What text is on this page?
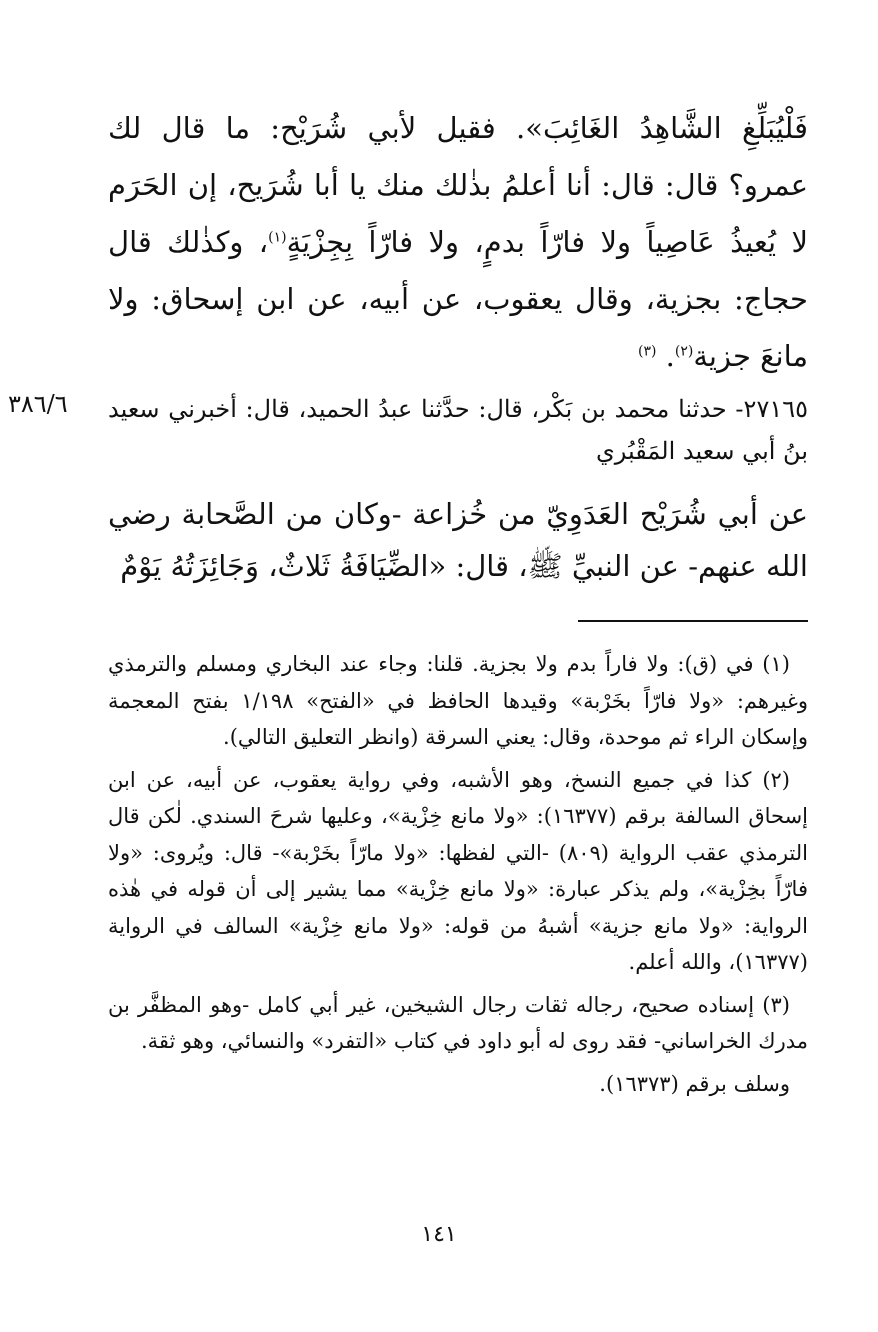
فَلْيُبَلِّغِ الشَّاهِدُ الغَائِبَ». فقيل لأبي شُرَيْح: ما قال لك عمرو؟ قال: قال: أنا أعلمُ بذٰلك منك يا أبا شُرَيح، إن الحَرَم لا يُعيذُ عَاصِياً ولا فارّاً بدمٍ، ولا فارّاً بِجِزْيَةٍ$^{(١)}$، وكذٰلك قال حجاج: بجزية، وقال يعقوب، عن أبيه، عن ابن إسحاق: ولا مانعَ جزية$^{(٢)}$. $^{(٣)}$

٣٨٦/٦ ٢٧١٦٥- حدثنا محمد بن بَكْر، قال: حدَّثنا عبدُ الحميد، قال: أخبرني سعيد بنُ أبي سعيد المَقْبُري

عن أبي شُرَيْح العَدَوِيّ من خُزاعة -وكان من الصَّحابة رضي الله عنهم- عن النبيِّ ﷺ، قال: «الضِّيَافَةُ ثَلاثٌ، وَجَائِزَتُهُ يَوْمٌ

(١) في (ق): ولا فاراً بدم ولا بجزية. قلنا: وجاء عند البخاري ومسلم والترمذي وغيرهم: «ولا فارّاً بخَرْبة» وقيدها الحافظ في «الفتح» ١/١٩٨ بفتح المعجمة وإسكان الراء ثم موحدة، وقال: يعني السرقة (وانظر التعليق التالي).

(٢) كذا في جميع النسخ، وهو الأشبه، وفي رواية يعقوب، عن أبيه، عن ابن إسحاق السالفة برقم (١٦٣٧٧): «ولا مانع خِزْية»، وعليها شرحَ السندي. لٰكن قال الترمذي عقب الرواية (٨٠٩) -التي لفظها: «ولا مارّاً بخَرْبة»- قال: ويُروى: «ولا فارّاً بخِزْية»، ولم يذكر عبارة: «ولا مانع خِزْية» مما يشير إلى أن قوله في هٰذه الرواية: «ولا مانع جزية» أشبهُ من قوله: «ولا مانع خِزْية» السالف في الرواية (١٦٣٧٧)، والله أعلم.

(٣) إسناده صحيح، رجاله ثقات رجال الشيخين، غير أبي كامل -وهو المظفَّر بن مدرك الخراساني- فقد روى له أبو داود في كتاب «التفرد» والنسائي، وهو ثقة.

وسلف برقم (١٦٣٧٣).

١٤١
